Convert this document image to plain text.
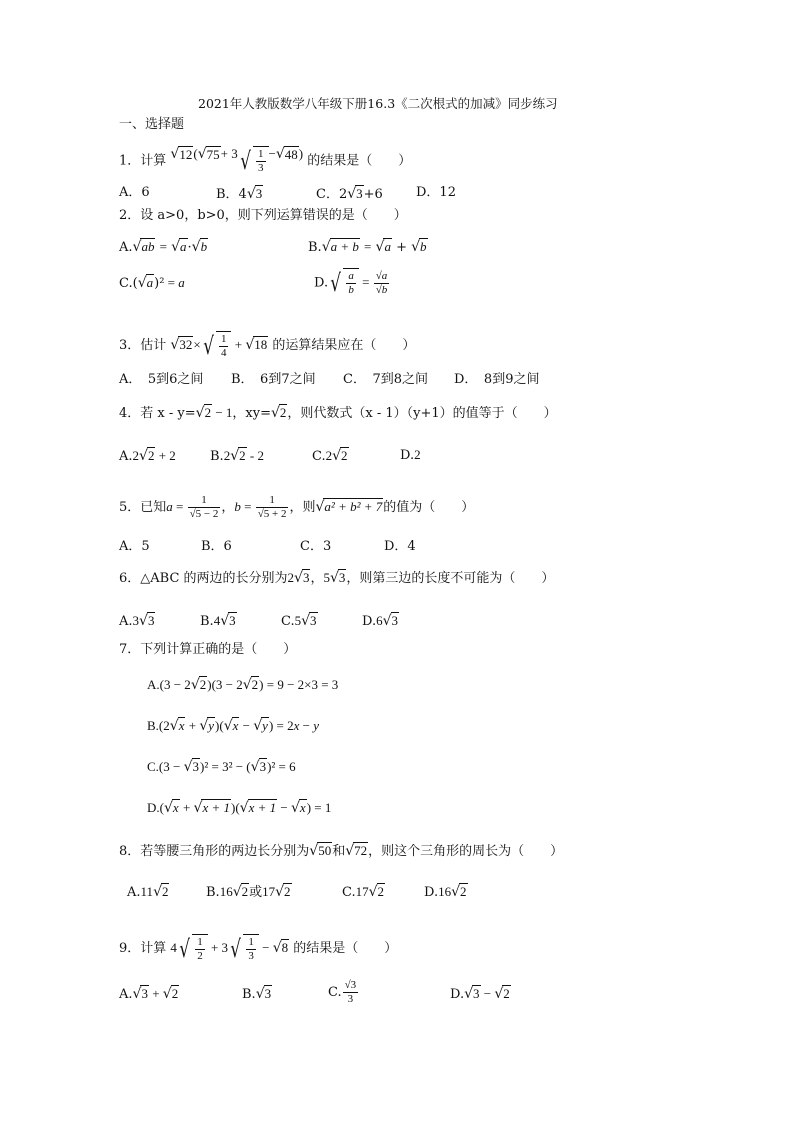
2021年人教版数学八年级下册16.3《二次根式的加减》同步练习
一、选择题
1．计算 √ 12 ( √ 75 + 3 √ $\frac{1}{3}$ − √ 48 ) 的结果是（　　）
A．6	B．4√3	C．2√3+6	D．12
2．设 a>0，b>0，则下列运算错误的是（　　）
A.√ab = √a·√b	B.√a + b = √a + √b
C.(√a)² = a	D. √ $\frac{a}{b} = \frac{√a}{√b}$
3．估计 √32× √ $\frac{1}{4} + √18$ 的运算结果应在（　　）
A．　5到6之间 B．　6到7之间 C．　7到8之间 D．　8到9之间
4．若 x - y=√2 − 1，xy=√2，则代数式（x - 1）（y+1）的值等于（　　）
A.2√2 + 2	B.2√2 - 2	C.2√2	D.2
5．已知$a = \frac{1}{√5 - 2}$ ，$b = \frac{1}{√5 + 2}$ ，则√a² + b² + 7的值为（　　）
A．5	B．6	C．3	D．4
6．△ABC 的两边的长分别为2√3，5√3，则第三边的长度不可能为（　　）
A.3√3	B.4√3	C.5√3	D.6√3
7．下列计算正确的是（　　）
A.(3 − 2√2)(3 − 2√2) = 9 − 2×3 = 3
B.(2√x + √y)(√x − √y) = 2x − y
C.(3 − √3)² = 3² − (√3)² = 6
D.(√x + √x + 1)(√x + 1 − √x) = 1
8．若等腰三角形的两边长分别为√50和√72，则这个三角形的周长为（　　）
A.11√2	B.16√2或17√2	C.17√2	D.16√2
9．计算 4 √ $\frac{1}{2} + 3$ √ $\frac{1}{3} - √8$ 的结果是（　　）
A.√3 + √2	B.√3	C. $\frac{√3}{3}$	D.√3 − √2
